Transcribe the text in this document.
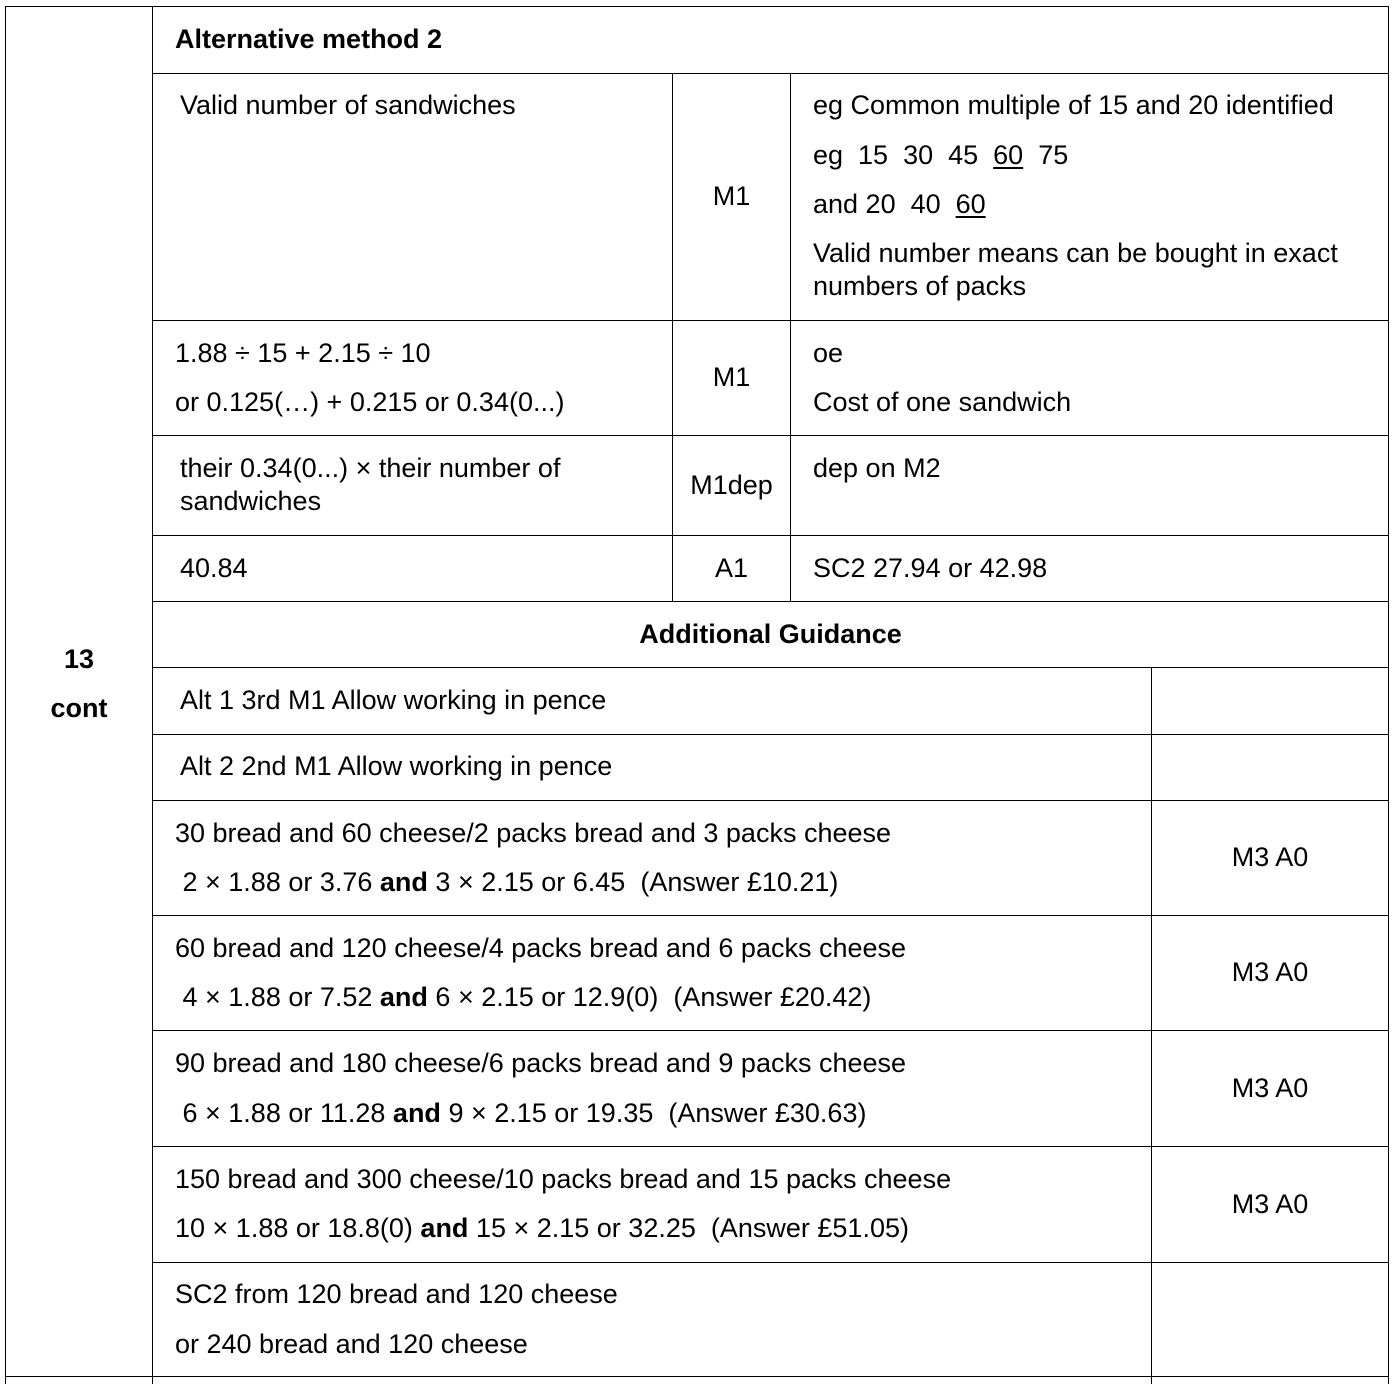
13
cont
Alternative method 2
Valid number of sandwiches
M1
eg Common multiple of 15 and 20 identified
eg  15  30  45  60  75
and 20  40  60
Valid number means can be bought in exact
numbers of packs
1.88 ÷ 15 + 2.15 ÷ 10
or 0.125(…) + 0.215 or 0.34(0...)
M1
oe
Cost of one sandwich
their 0.34(0...) × their number of
sandwiches
M1dep
dep on M2
40.84	A1	SC2 27.94 or 42.98
Additional Guidance
Alt 1 3rd M1 Allow working in pence
Alt 2 2nd M1 Allow working in pence
30 bread and 60 cheese/2 packs bread and 3 packs cheese
2 × 1.88 or 3.76 and 3 × 2.15 or 6.45  (Answer £10.21)
M3 A0
60 bread and 120 cheese/4 packs bread and 6 packs cheese
4 × 1.88 or 7.52 and 6 × 2.15 or 12.9(0)  (Answer £20.42)
M3 A0
90 bread and 180 cheese/6 packs bread and 9 packs cheese
6 × 1.88 or 11.28 and 9 × 2.15 or 19.35  (Answer £30.63)
M3 A0
150 bread and 300 cheese/10 packs bread and 15 packs cheese
10 × 1.88 or 18.8(0) and 15 × 2.15 or 32.25  (Answer £51.05)
M3 A0
SC2 from 120 bread and 120 cheese
or 240 bread and 120 cheese
